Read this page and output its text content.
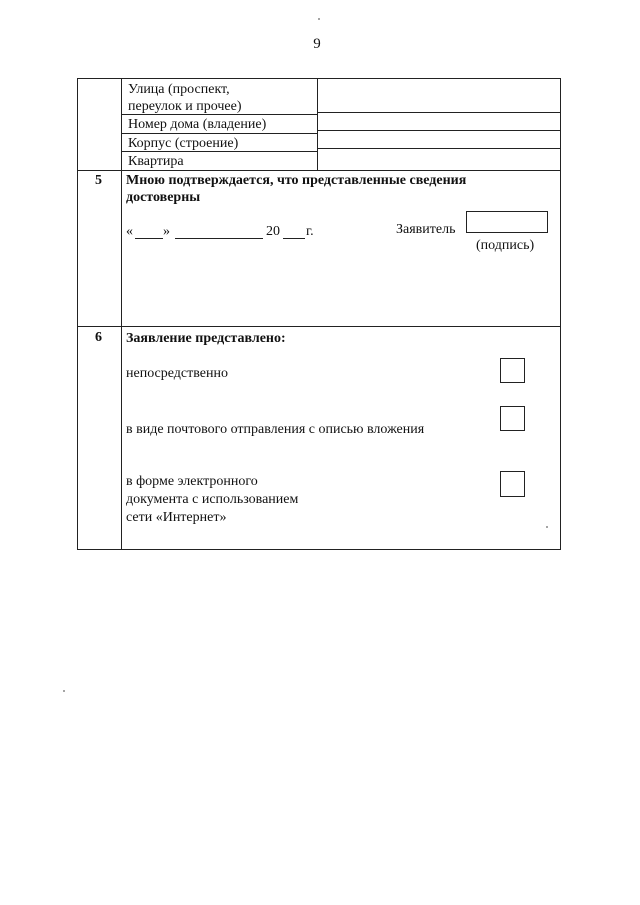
9
Улица (проспект,
переулок и прочее)
Номер дома (владение)
Корпус (строение)
Квартира
5 Мною подтверждается, что представленные сведения
достоверны
« »	20 г.	Заявитель
(подпись)
6 Заявление представлено:
непосредственно
в виде почтового отправления с описью вложения
в форме электронного
документа с использованием
сети «Интернет»
